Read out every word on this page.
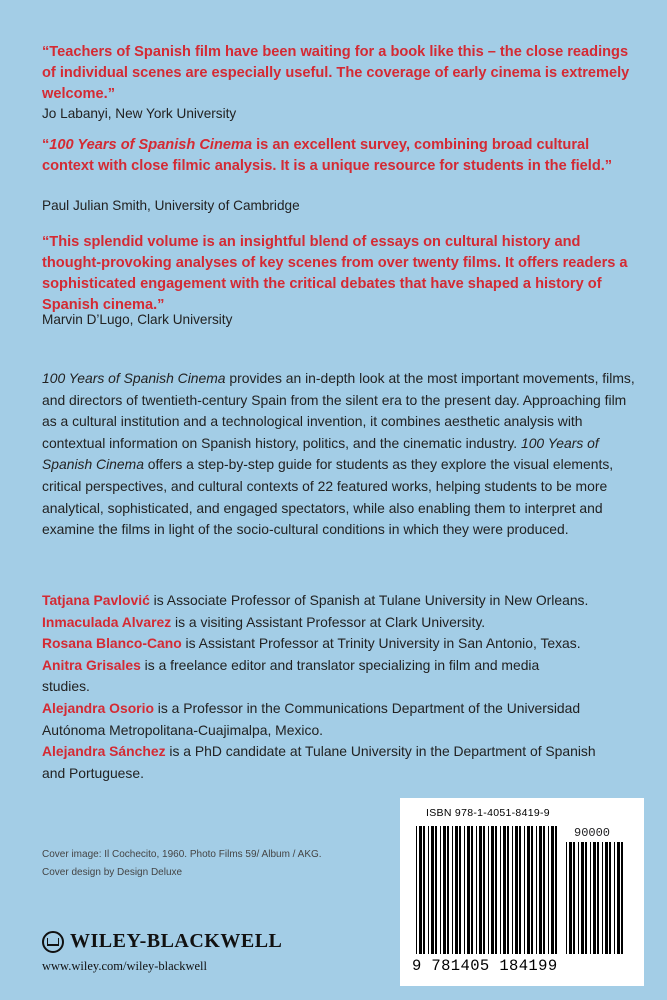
“Teachers of Spanish film have been waiting for a book like this – the close readings of individual scenes are especially useful. The coverage of early cinema is extremely welcome.”
Jo Labanyi, New York University
“100 Years of Spanish Cinema is an excellent survey, combining broad cultural context with close filmic analysis. It is a unique resource for students in the field.”
Paul Julian Smith, University of Cambridge
“This splendid volume is an insightful blend of essays on cultural history and thought-provoking analyses of key scenes from over twenty films. It offers readers a sophisticated engagement with the critical debates that have shaped a history of Spanish cinema.”
Marvin D’Lugo, Clark University
100 Years of Spanish Cinema provides an in-depth look at the most important movements, films, and directors of twentieth-century Spain from the silent era to the present day. Approaching film as a cultural institution and a technological invention, it combines aesthetic analysis with contextual information on Spanish history, politics, and the cinematic industry. 100 Years of Spanish Cinema offers a step-by-step guide for students as they explore the visual elements, critical perspectives, and cultural contexts of 22 featured works, helping students to be more analytical, sophisticated, and engaged spectators, while also enabling them to interpret and examine the films in light of the socio-cultural conditions in which they were produced.

Tatjana Pavlović is Associate Professor of Spanish at Tulane University in New Orleans.

Inmaculada Alvarez is a visiting Assistant Professor at Clark University.

Rosana Blanco-Cano is Assistant Professor at Trinity University in San Antonio, Texas.

Anitra Grisales is a freelance editor and translator specializing in film and media studies.

Alejandra Osorio is a Professor in the Communications Department of the Universidad Autónoma Metropolitana-Cuajimalpa, Mexico.

Alejandra Sánchez is a PhD candidate at Tulane University in the Department of Spanish and Portuguese.

Cover image: Il Cochecito, 1960. Photo Films 59/ Album / AKG.
Cover design by Design Deluxe
WILEY-BLACKWELL
www.wiley.com/wiley-blackwell
ISBN 978-1-4051-8419-9
90000
9 781405 184199
